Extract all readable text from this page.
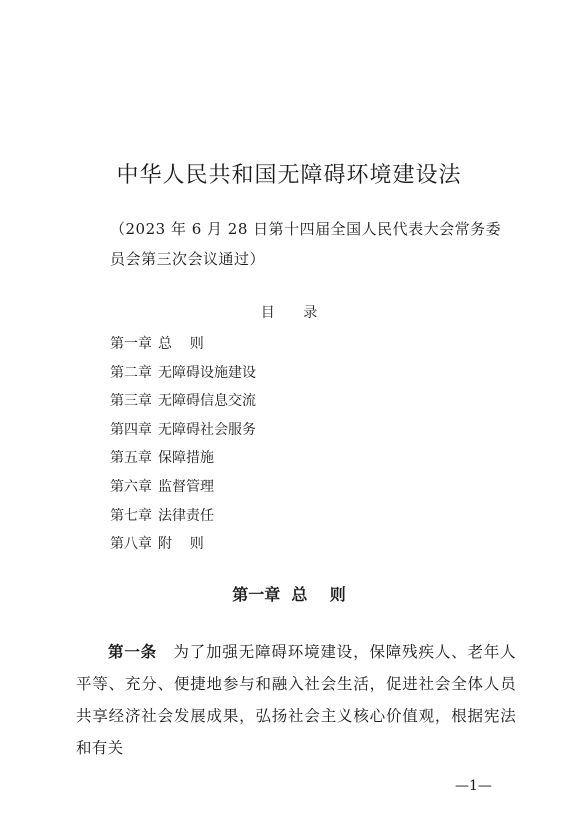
中华人民共和国无障碍环境建设法
（2023 年 6 月 28 日第十四届全国人民代表大会常务委
员会第三次会议通过）
目 录
第一章 总    则
第二章 无障碍设施建设
第三章 无障碍信息交流
第四章 无障碍社会服务
第五章 保障措施
第六章 监督管理
第七章 法律责任
第八章 附    则
第一章  总    则

第一条　 为了加强无障碍环境建设，保障残疾人、老年人平等、充分、便捷地参与和融入社会生活，促进社会全体人员共享经济社会发展成果，弘扬社会主义核心价值观，根据宪法和有关

—1—
